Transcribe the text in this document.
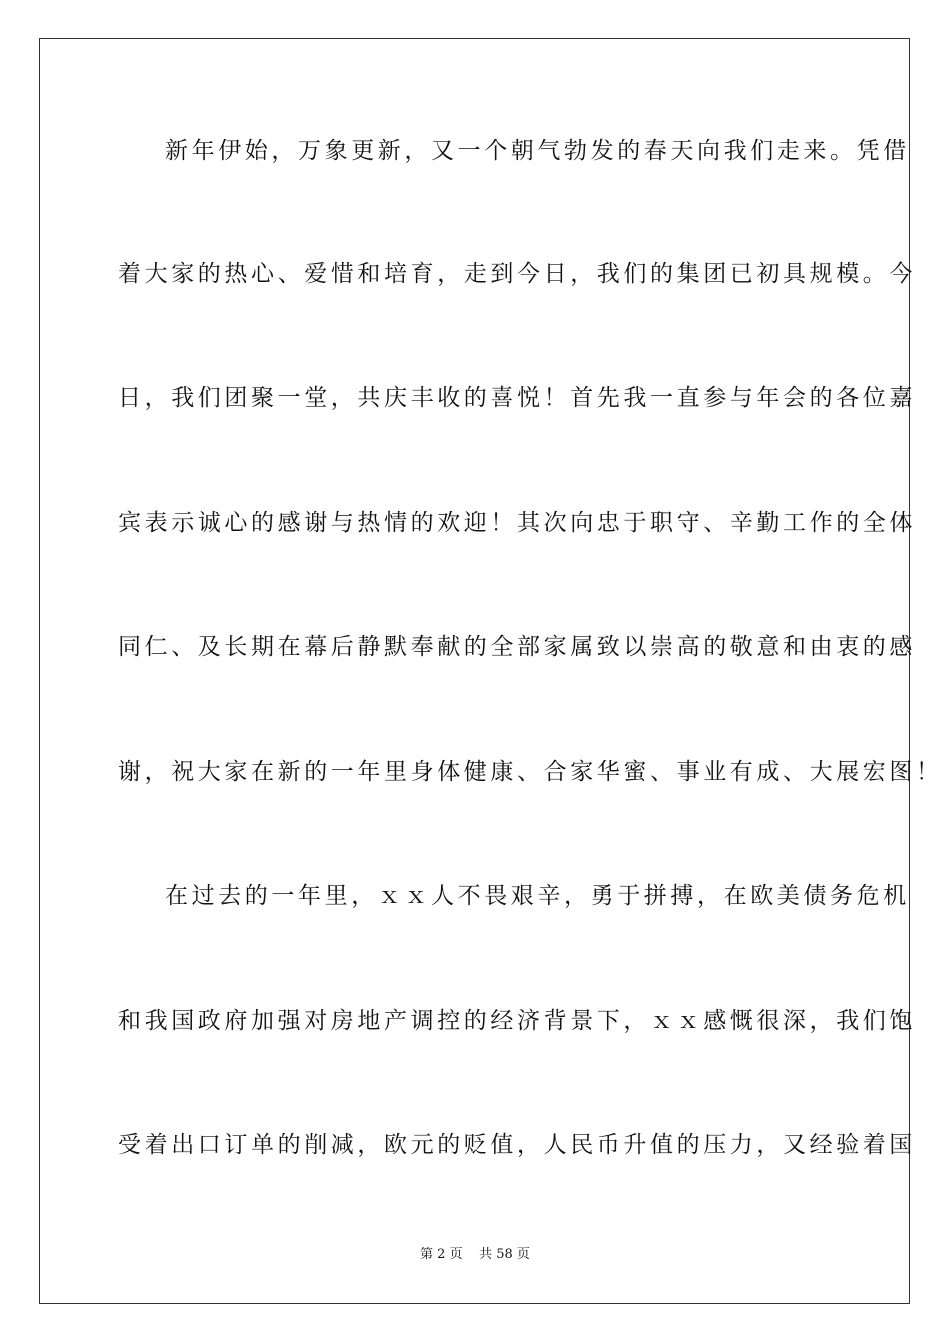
新年伊始，万象更新，又一个朝气勃发的春天向我们走来。凭借
着大家的热心、爱惜和培育，走到今日，我们的集团已初具规模。今
日，我们团聚一堂，共庆丰收的喜悦！首先我一直参与年会的各位嘉
宾表示诚心的感谢与热情的欢迎！其次向忠于职守、辛勤工作的全体
同仁、及长期在幕后静默奉献的全部家属致以崇高的敬意和由衷的感
谢，祝大家在新的一年里身体健康、合家华蜜、事业有成、大展宏图！
在过去的一年里，ｘｘ人不畏艰辛，勇于拼搏，在欧美债务危机
和我国政府加强对房地产调控的经济背景下，ｘｘ感慨很深，我们饱
受着出口订单的削减，欧元的贬值，人民币升值的压力，又经验着国
第 2 页 共 58 页
